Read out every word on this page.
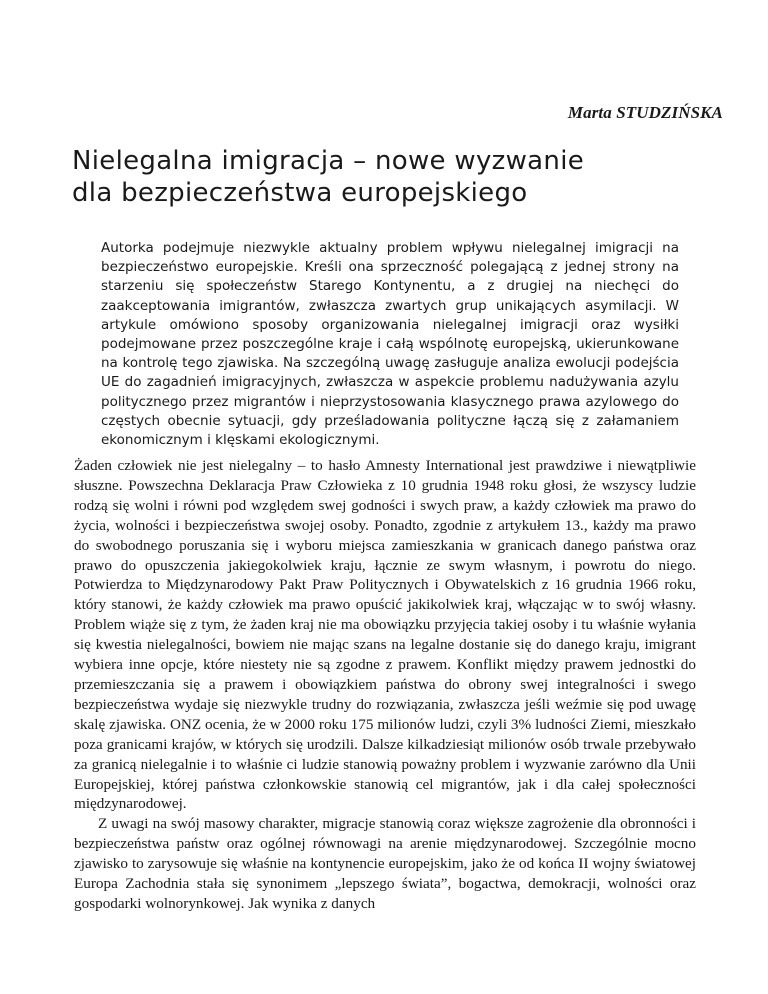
Marta STUDZIŃSKA
Nielegalna imigracja – nowe wyzwanie
dla bezpieczeństwa europejskiego

Autorka podejmuje niezwykle aktualny problem wpływu nielegalnej imigracji na bezpieczeństwo europejskie. Kreśli ona sprzeczność polegającą z jednej strony na starzeniu się społeczeństw Starego Kontynentu, a z drugiej na niechęci do zaakceptowania imigrantów, zwłaszcza zwartych grup unikających asymilacji. W artykule omówiono sposoby organizowania nielegalnej imigracji oraz wysiłki podejmowane przez poszczególne kraje i całą wspólnotę europejską, ukierunkowane na kontrolę tego zjawiska. Na szczególną uwagę zasługuje analiza ewolucji podejścia UE do zagadnień imigracyjnych, zwłaszcza w aspekcie problemu nadużywania azylu politycznego przez migrantów i nieprzystosowania klasycznego prawa azylowego do częstych obecnie sytuacji, gdy prześladowania polityczne łączą się z załamaniem ekonomicznym i klęskami ekologicznymi.

Żaden człowiek nie jest nielegalny – to hasło Amnesty International jest prawdziwe i niewątpliwie słuszne. Powszechna Deklaracja Praw Człowieka z 10 grudnia 1948 roku głosi, że wszyscy ludzie rodzą się wolni i równi pod względem swej godności i swych praw, a każdy człowiek ma prawo do życia, wolności i bezpieczeństwa swojej osoby. Ponadto, zgodnie z artykułem 13., każdy ma prawo do swobodnego poruszania się i wyboru miejsca zamieszkania w granicach danego państwa oraz prawo do opuszczenia jakiegokolwiek kraju, łącznie ze swym własnym, i powrotu do niego. Potwierdza to Międzynarodowy Pakt Praw Politycznych i Obywatelskich z 16 grudnia 1966 roku, który stanowi, że każdy człowiek ma prawo opuścić jakikolwiek kraj, włączając w to swój własny. Problem wiąże się z tym, że żaden kraj nie ma obowiązku przyjęcia takiej osoby i tu właśnie wyłania się kwestia nielegalności, bowiem nie mając szans na legalne dostanie się do danego kraju, imigrant wybiera inne opcje, które niestety nie są zgodne z prawem. Konflikt między prawem jednostki do przemieszczania się a prawem i obowiązkiem państwa do obrony swej integralności i swego bezpieczeństwa wydaje się niezwykle trudny do rozwiązania, zwłaszcza jeśli weźmie się pod uwagę skalę zjawiska. ONZ ocenia, że w 2000 roku 175 milionów ludzi, czyli 3% ludności Ziemi, mieszkało poza granicami krajów, w których się urodzili. Dalsze kilkadziesiąt milionów osób trwale przebywało za granicą nielegalnie i to właśnie ci ludzie stanowią poważny problem i wyzwanie zarówno dla Unii Europejskiej, której państwa członkowskie stanowią cel migrantów, jak i dla całej społeczności międzynarodowej.

Z uwagi na swój masowy charakter, migracje stanowią coraz większe zagrożenie dla obronności i bezpieczeństwa państw oraz ogólnej równowagi na arenie międzynarodowej. Szczególnie mocno zjawisko to zarysowuje się właśnie na kontynencie europejskim, jako że od końca II wojny światowej Europa Zachodnia stała się synonimem „lepszego świata”, bogactwa, demokracji, wolności oraz gospodarki wolnorynkowej. Jak wynika z danych
